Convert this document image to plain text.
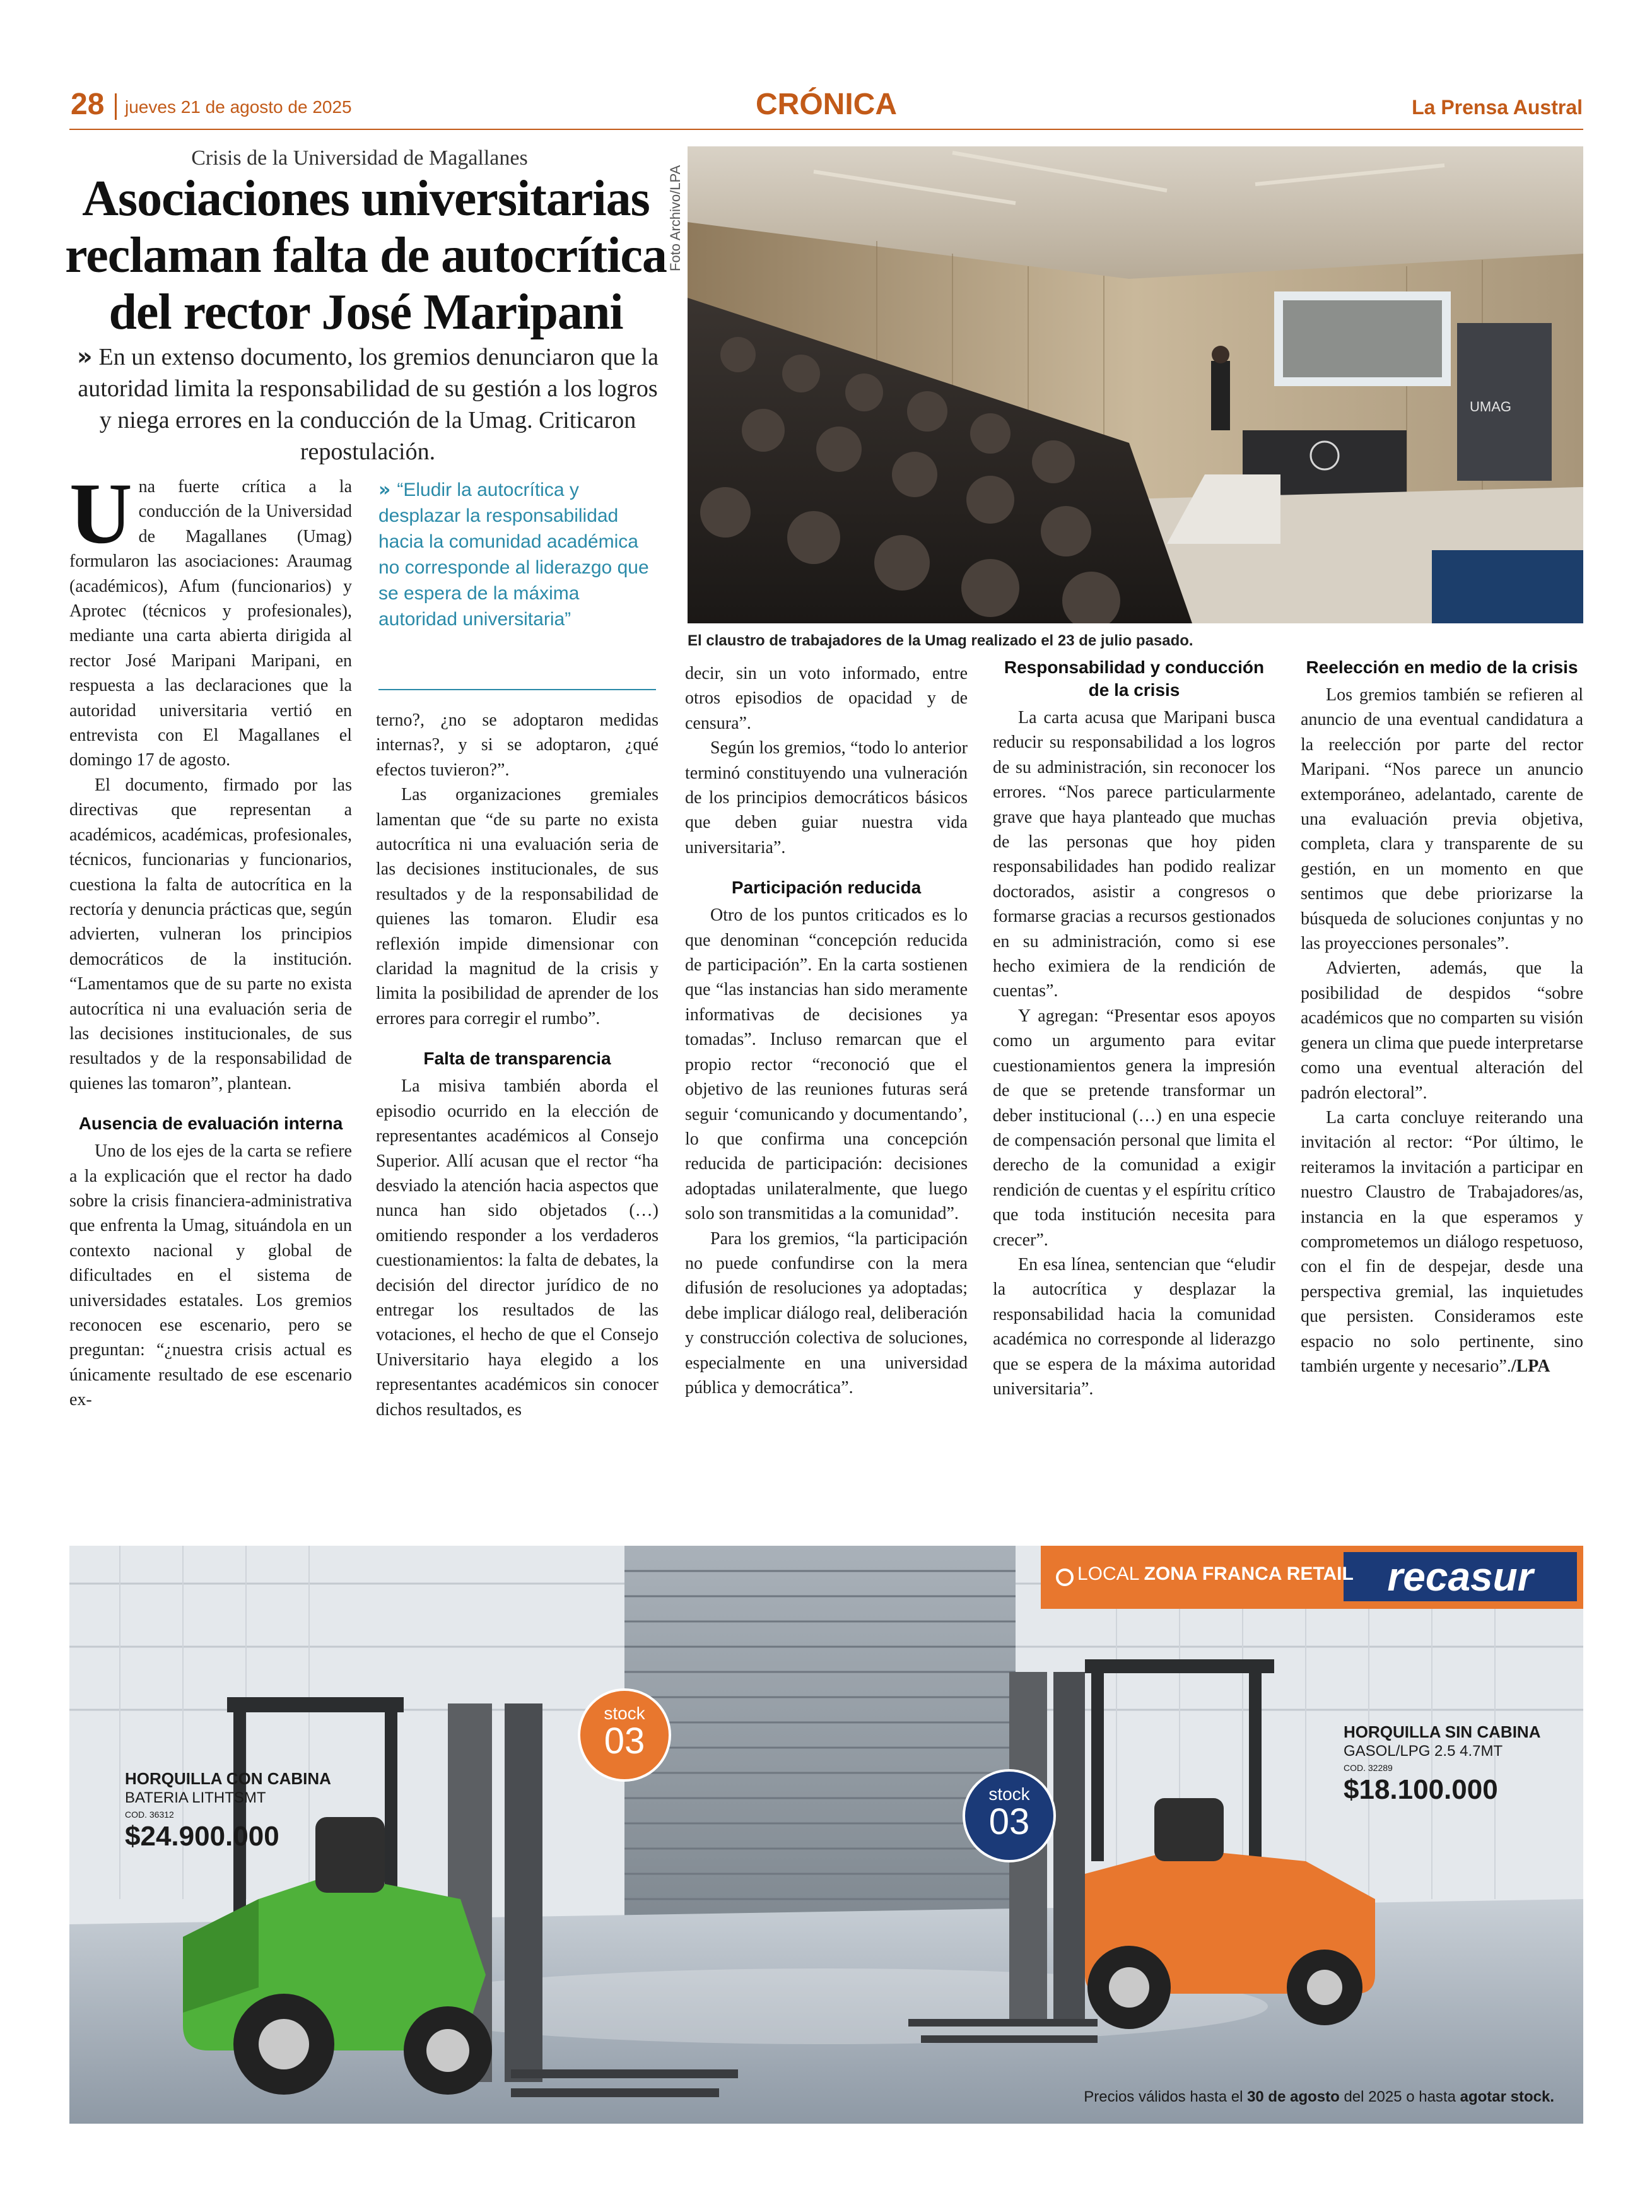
28 jueves 21 de agosto de 2025	CRÓNICA	La Prensa Austral
Crisis de la Universidad de Magallanes
Asociaciones universitarias reclaman falta de autocrítica del rector José Maripani
» En un extenso documento, los gremios denunciaron que la autoridad limita la responsabilidad de su gestión a los logros y niega errores en la conducción de la Umag. Criticaron repostulación.
Foto Archivo/LPA
UMAG
El claustro de trabajadores de la Umag realizado el 23 de julio pasado.
» “Eludir la autocrítica y desplazar la responsabilidad hacia la comunidad académica no corresponde al liderazgo que se espera de la máxima autoridad universitaria”

Una fuerte crítica a la conducción de la Universidad de Magallanes (Umag) formularon las asociaciones: Araumag (académicos), Afum (funcionarios) y Aprotec (técnicos y profesionales), mediante una carta abierta dirigida al rector José Maripani Maripani, en respuesta a las declaraciones que la autoridad universitaria vertió en entrevista con El Magallanes el domingo 17 de agosto.

El documento, firmado por las directivas que representan a académicos, académicas, profesionales, técnicos, funcionarias y funcionarios, cuestiona la falta de autocrítica en la rectoría y denuncia prácticas que, según advierten, vulneran los principios democráticos de la institución. “Lamentamos que de su parte no exista autocrítica ni una evaluación seria de las decisiones institucionales, de sus resultados y de la responsabilidad de quienes las tomaron”, plantean.

Ausencia de evaluación interna

Uno de los ejes de la carta se refiere a la explicación que el rector ha dado sobre la crisis financiera-administrativa que enfrenta la Umag, situándola en un contexto nacional y global de dificultades en el sistema de universidades estatales. Los gremios reconocen ese escenario, pero se preguntan: “¿nuestra crisis actual es únicamente resultado de ese escenario ex-

terno?, ¿no se adoptaron medidas internas?, y si se adoptaron, ¿qué efectos tuvieron?”.

Las organizaciones gremiales lamentan que “de su parte no exista autocrítica ni una evaluación seria de las decisiones institucionales, de sus resultados y de la responsabilidad de quienes las tomaron. Eludir esa reflexión impide dimensionar con claridad la magnitud de la crisis y limita la posibilidad de aprender de los errores para corregir el rumbo”.

Falta de transparencia

La misiva también aborda el episodio ocurrido en la elección de representantes académicos al Consejo Superior. Allí acusan que el rector “ha desviado la atención hacia aspectos que nunca han sido objetados (…) omitiendo responder a los verdaderos cuestionamientos: la falta de debates, la decisión del director jurídico de no entregar los resultados de las votaciones, el hecho de que el Consejo Universitario haya elegido a los representantes académicos sin conocer dichos resultados, es

decir, sin un voto informado, entre otros episodios de opacidad y de censura”.

Según los gremios, “todo lo anterior terminó constituyendo una vulneración de los principios democráticos básicos que deben guiar nuestra vida universitaria”.

Participación reducida

Otro de los puntos criticados es lo que denominan “concepción reducida de participación”. En la carta sostienen que “las instancias han sido meramente informativas de decisiones ya tomadas”. Incluso remarcan que el propio rector “reconoció que el objetivo de las reuniones futuras será seguir ‘comunicando y documentando’, lo que confirma una concepción reducida de participación: decisiones adoptadas unilateralmente, que luego solo son transmitidas a la comunidad”.

Para los gremios, “la participación no puede confundirse con la mera difusión de resoluciones ya adoptadas; debe implicar diálogo real, deliberación y construcción colectiva de soluciones, especialmente en una universidad pública y democrática”.

Responsabilidad y conducción de la crisis

La carta acusa que Maripani busca reducir su responsabilidad a los logros de su administración, sin reconocer los errores. “Nos parece particularmente grave que haya planteado que muchas de las personas que hoy piden responsabilidades han podido realizar doctorados, asistir a congresos o formarse gracias a recursos gestionados en su administración, como si ese hecho eximiera de la rendición de cuentas”.

Y agregan: “Presentar esos apoyos como un argumento para evitar cuestionamientos genera la impresión de que se pretende transformar un deber institucional (…) en una especie de compensación personal que limita el derecho de la comunidad a exigir rendición de cuentas y el espíritu crítico que toda institución necesita para crecer”.

En esa línea, sentencian que “eludir la autocrítica y desplazar la responsabilidad hacia la comunidad académica no corresponde al liderazgo que se espera de la máxima autoridad universitaria”.

Reelección en medio de la crisis

Los gremios también se refieren al anuncio de una eventual candidatura a la reelección por parte del rector Maripani. “Nos parece un anuncio extemporáneo, adelantado, carente de una evaluación previa objetiva, completa, clara y transparente de su gestión, en un momento en que sentimos que debe priorizarse la búsqueda de soluciones conjuntas y no las proyecciones personales”.

Advierten, además, que la posibilidad de despidos “sobre académicos que no comparten su visión genera un clima que puede interpretarse como una eventual alteración del padrón electoral”.

La carta concluye reiterando una invitación al rector: “Por último, le reiteramos la invitación a participar en nuestro Claustro de Trabajadores/as, instancia en la que esperamos y comprometemos un diálogo respetuoso, con el fin de despejar, desde una perspectiva gremial, las inquietudes que persisten. Consideramos este espacio no solo pertinente, sino también urgente y necesario”./LPA

LOCAL ZONA FRANCA RETAIL recasur
stock
03
stock
03
HORQUILLA CON CABINA
BATERIA LITHTSMT
COD. 36312
$24.900.000
HORQUILLA SIN CABINA
GASOL/LPG 2.5 4.7MT
COD. 32289
$18.100.000
Precios válidos hasta el 30 de agosto del 2025 o hasta agotar stock.
